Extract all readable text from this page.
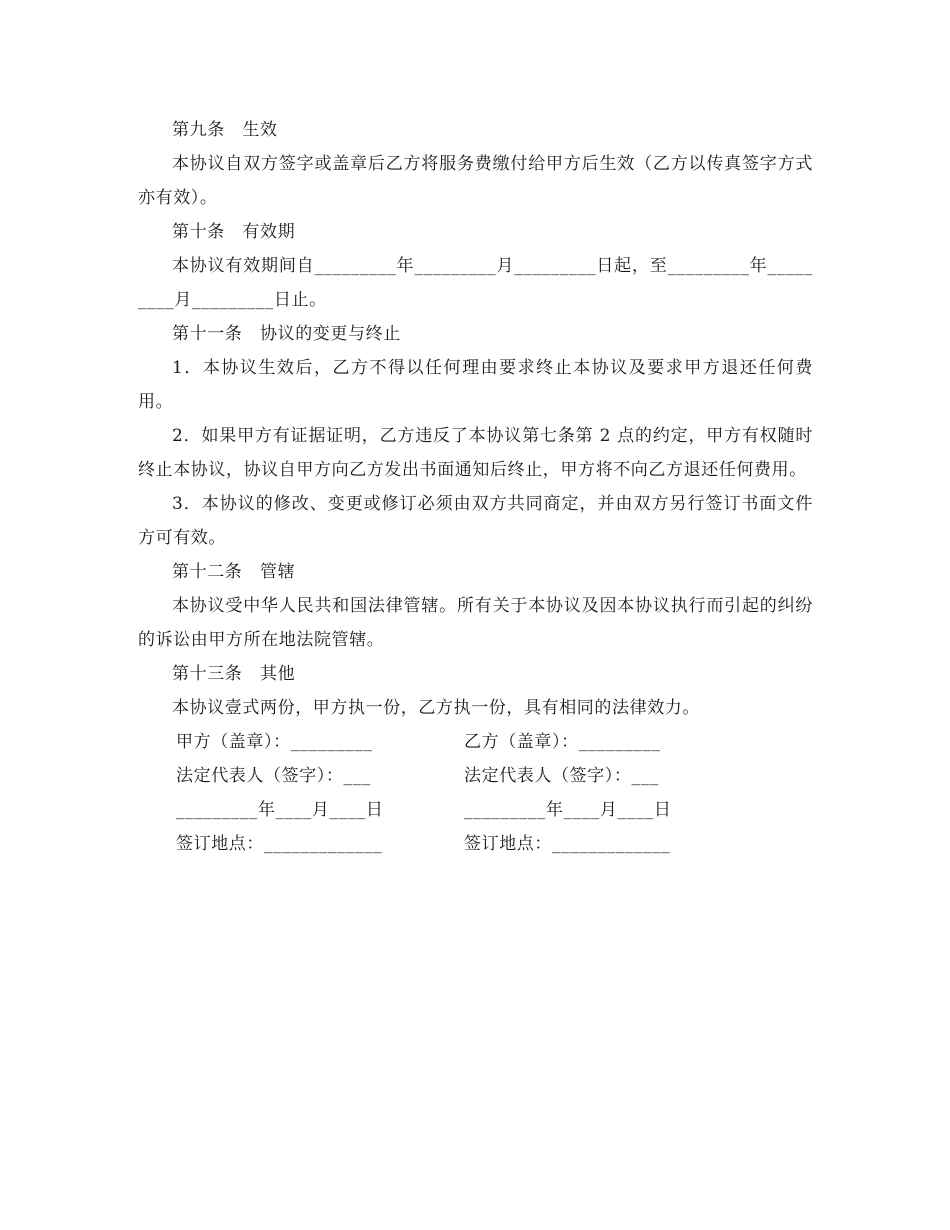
第九条　生效

本协议自双方签字或盖章后乙方将服务费缴付给甲方后生效（乙方以传真签字方式亦有效）。

第十条　有效期

本协议有效期间自_________年_________月_________日起，至_________年_________月_________日止。

第十一条　协议的变更与终止

1．本协议生效后，乙方不得以任何理由要求终止本协议及要求甲方退还任何费用。

2．如果甲方有证据证明，乙方违反了本协议第七条第 2 点的约定，甲方有权随时终止本协议，协议自甲方向乙方发出书面通知后终止，甲方将不向乙方退还任何费用。

3．本协议的修改、变更或修订必须由双方共同商定，并由双方另行签订书面文件方可有效。

第十二条　管辖

本协议受中华人民共和国法律管辖。所有关于本协议及因本协议执行而引起的纠纷的诉讼由甲方所在地法院管辖。

第十三条　其他

本协议壹式两份，甲方执一份，乙方执一份，具有相同的法律效力。

甲方（盖章）：_________	乙方（盖章）：_________
法定代表人（签字）：___	法定代表人（签字）：___
_________年____月____日	_________年____月____日
签订地点：_____________	签订地点：_____________
